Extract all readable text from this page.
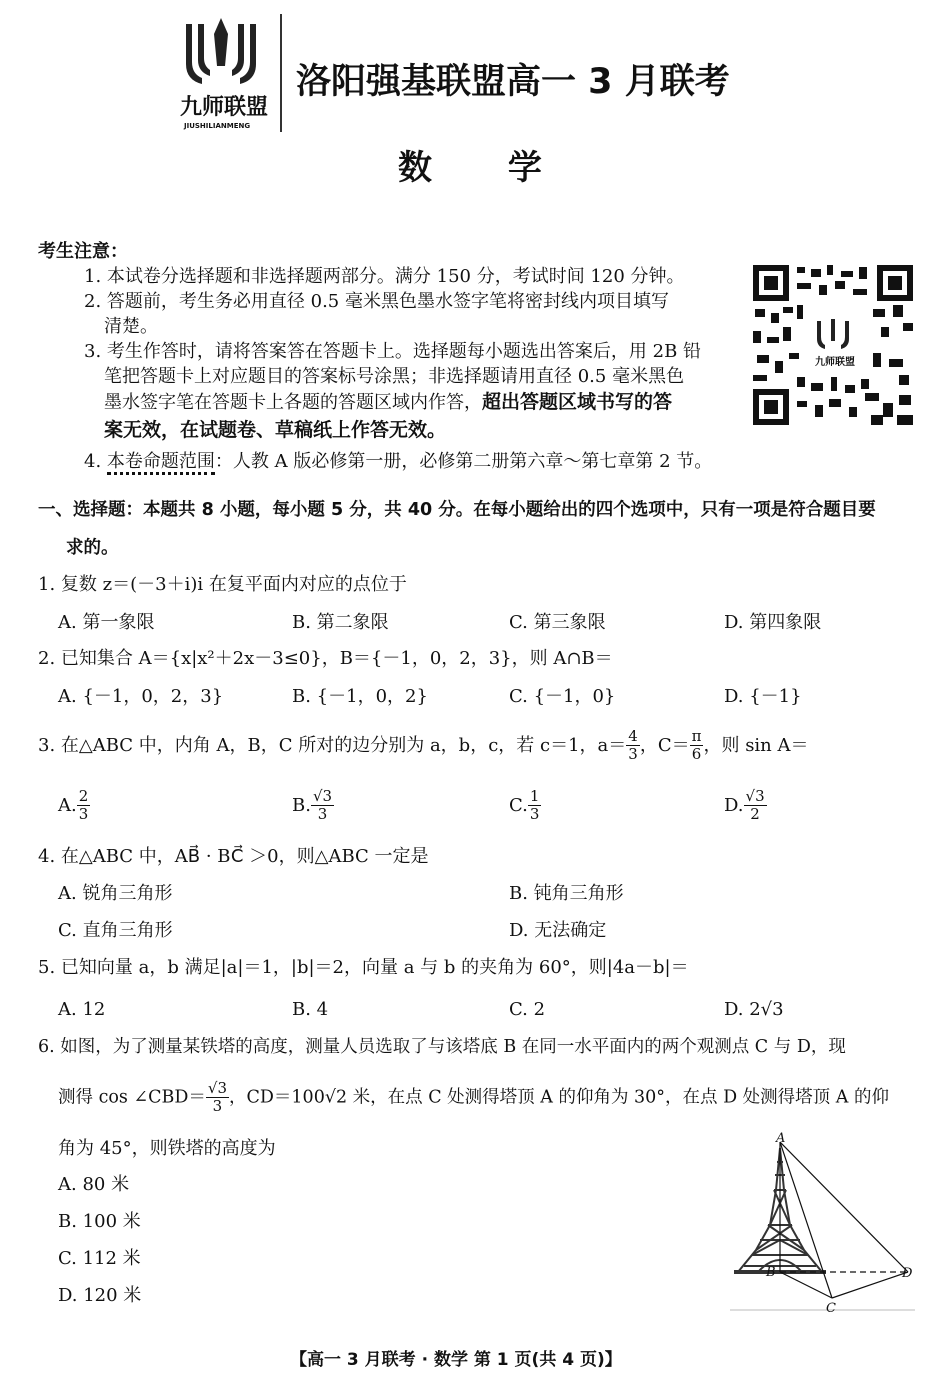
九师联盟
JIUSHILIANMENG
洛阳强基联盟高一 3 月联考
数 学
考生注意：
1. 本试卷分选择题和非选择题两部分。满分 150 分，考试时间 120 分钟。
2. 答题前，考生务必用直径 0.5 毫米黑色墨水签字笔将密封线内项目填写
清楚。
3. 考生作答时，请将答案答在答题卡上。选择题每小题选出答案后，用 2B 铅
笔把答题卡上对应题目的答案标号涂黑；非选择题请用直径 0.5 毫米黑色
墨水签字笔在答题卡上各题的答题区域内作答，超出答题区域书写的答
案无效，在试题卷、草稿纸上作答无效。
4. 本卷命题范围：人教 A 版必修第一册，必修第二册第六章～第七章第 2 节。
九师联盟
一、选择题：本题共 8 小题，每小题 5 分，共 40 分。在每小题给出的四个选项中，只有一项是符合题目要
求的。
1. 复数 z＝(－3＋i)i 在复平面内对应的点位于
A. 第一象限	B. 第二象限	C. 第三象限	D. 第四象限
2. 已知集合 A＝{x|x²＋2x－3≤0}，B＝{－1，0，2，3}，则 A∩B＝
A. {－1，0，2，3}	B. {－1，0，2}	C. {－1，0}	D. {－1}
3. 在△ABC 中，内角 A，B，C 所对的边分别为 a，b，c，若 c＝1，$a= \frac{4}{3}$ ，$C= \frac{\pi}{6}$ ，则 sin A＝
A. $\frac{2}{3}$	B. $\frac{√3}{3}$	C. $\frac{1}{3}$	D. $\frac{√3}{2}$
4. 在△ABC 中，AB⃗ · BC⃗ ＞0，则△ABC 一定是
A. 锐角三角形	B. 钝角三角形
C. 直角三角形	D. 无法确定
5. 已知向量 a，b 满足|a|＝1，|b|＝2，向量 a 与 b 的夹角为 60°，则|4a－b|＝
A. 12	B. 4	C. 2	D. 2√3
6. 如图，为了测量某铁塔的高度，测量人员选取了与该塔底 B 在同一水平面内的两个观测点 C 与 D，现
测得 cos ∠CBD＝ $\frac{√3}{3}$ ，CD＝100√2 米，在点 C 处测得塔顶 A 的仰角为 30°，在点 D 处测得塔顶 A 的仰
角为 45°，则铁塔的高度为
A. 80 米
B. 100 米
C. 112 米
D. 120 米
A
B
C
D
【高一 3 月联考 · 数学 第 1 页(共 4 页)】
